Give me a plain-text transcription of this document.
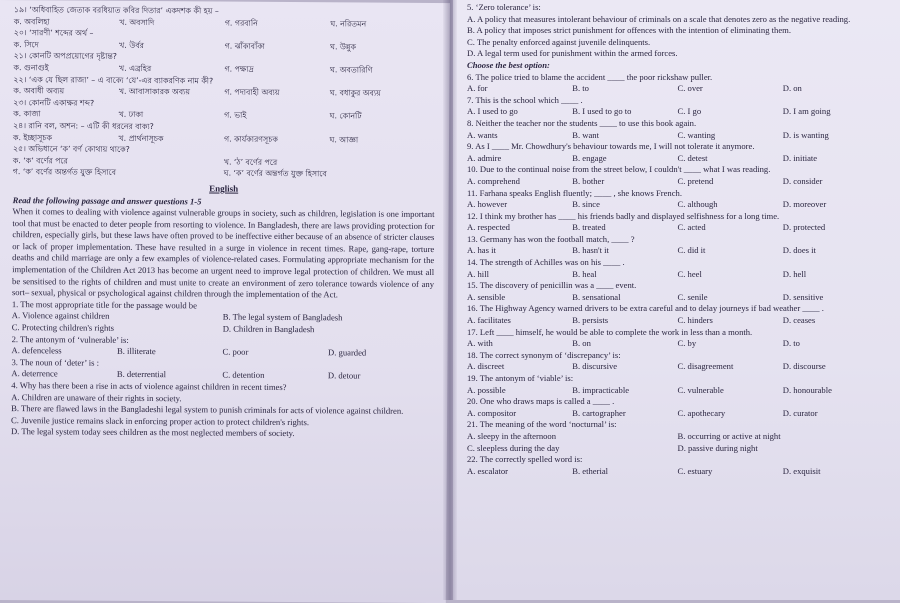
১৯। ‘অধিবাহিত জেতাক বরধিয়াত কবির দিতার’ একদশক কী হয় –
ক. অবলিহা	খ. অবসাদি	গ. গরবানি	ঘ. নরিতমন
২০। ‘সারণী’ শব্দের অর্থ –
ক. সিদে	খ. উর্বর	গ. ঝাঁকাবাঁকা	ঘ. উন্নুক
২১। কোনটি অপপ্রয়োগের দৃষ্টান্ত?
ক. গুনাগুই	খ. এব্রহির	গ. পক্ষাদ্র	ঘ. অবতারিণি
২২। ‘এক যে ছিল রাজা’ – এ বাক্যে ‘যে’-এর ব্যাকরণিক নাম কী?
ক. অবাধী অব্যয়	খ. আবাসাকারক অব্যয়	গ. পদাবাহী অব্যয়	ঘ. বধাকুর অব্যয়
২৩। কোনটি একাক্ষর শব্দ?
ক. কাজা	খ. ঢাকা	গ. ভাই	ঘ. কোনটি
২৪। রানি বল, অশন: – এটি কী ধরনের বাক্য?
ক. ইচ্ছাসূচক	খ. প্রার্থনাসূচক	গ. কার্যকারণসূচক	ঘ. আজ্ঞা
২৫। অভিধানে ‘ক’ বর্ণ কোথায় থাকে?
ক. ‘ক’ বর্ণের পরে	খ. ‘ঠ’ বর্ণের পরে
গ. ‘ক’ বর্ণের অন্তর্গত যুক্ত হিসাবে	ঘ. ‘ক’ বর্ণের অন্তর্গত যুক্ত হিসাবে
English
Read the following passage and answer questions 1-5
When it comes to dealing with violence against vulnerable groups in society, such as children, legislation is one important tool that must be enacted to deter people from resorting to violence. In Bangladesh, there are laws providing protection for children, especially girls, but these laws have often proved to be ineffective either because of an absence of stricter clauses or lack of proper implementation. These have resulted in a surge in violence in recent times. Rape, gang-rape, torture deaths and child marriage are only a few examples of violence-related cases. Formulating appropriate mechanism for the implementation of the Children Act 2013 has become an urgent need to improve legal protection of children. We must all be sensitised to the rights of children and must unite to create an environment of zero tolerance towards violence of any sort– sexual, physical or psychological against children through the implementation of the Act.
1. The most appropriate title for the passage would be
A. Violence against children	B. The legal system of Bangladesh
C. Protecting children's rights	D. Children in Bangladesh
2. The antonym of ‘vulnerable’ is:
A. defenceless	B. illiterate	C. poor	D. guarded
3. The noun of ‘deter’ is :
A. deterrence	B. deterrential	C. detention	D. detour
4. Why has there been a rise in acts of violence against children in recent times?
A. Children are unaware of their rights in society.
B. There are flawed laws in the Bangladeshi legal system to punish criminals for acts of violence against children.
C. Juvenile justice remains slack in enforcing proper action to protect children's rights.
D. The legal system today sees children as the most neglected members of society.
5. ‘Zero tolerance’ is:
A. A policy that measures intolerant behaviour of criminals on a scale that denotes zero as the negative reading.
B. A policy that imposes strict punishment for offences with the intention of eliminating them.
C. The penalty enforced against juvenile delinquents.
D. A legal term used for punishment within the armed forces.
Choose the best option:
6. The police tried to blame the accident ____ the poor rickshaw puller.
A. for	B. to	C. over	D. on
7. This is the school which ____ .
A. I used to go	B. I used to go to	C. I go	D. I am going
8. Neither the teacher nor the students ____ to use this book again.
A. wants	B. want	C. wanting	D. is wanting
9. As I ____ Mr. Chowdhury's behaviour towards me, I will not tolerate it anymore.
A. admire	B. engage	C. detest	D. initiate
10. Due to the continual noise from the street below, I couldn't ____ what I was reading.
A. comprehend	B. bother	C. pretend	D. consider
11. Farhana speaks English fluently; ____ , she knows French.
A. however	B. since	C. although	D. moreover
12. I think my brother has ____ his friends badly and displayed selfishness for a long time.
A. respected	B. treated	C. acted	D. protected
13. Germany has won the football match, ____ ?
A. has it	B. hasn't it	C. did it	D. does it
14. The strength of Achilles was on his ____ .
A. hill	B. heal	C. heel	D. hell
15. The discovery of penicillin was a ____ event.
A. sensible	B. sensational	C. senile	D. sensitive
16. The Highway Agency warned drivers to be extra careful and to delay journeys if bad weather ____ .
A. facilitates	B. persists	C. hinders	D. ceases
17. Left ____ himself, he would be able to complete the work in less than a month.
A. with	B. on	C. by	D. to
18. The correct synonym of ‘discrepancy’ is:
A. discreet	B. discursive	C. disagreement	D. discourse
19. The antonym of ‘viable’ is:
A. possible	B. impracticable	C. vulnerable	D. honourable
20. One who draws maps is called a ____ .
A. compositor	B. cartographer	C. apothecary	D. curator
21. The meaning of the word ‘nocturnal’ is:
A. sleepy in the afternoon	B. occurring or active at night
C. sleepless during the day	D. passive during night
22. The correctly spelled word is:
A. escalator	B. etherial	C. estuary	D. exquisit
